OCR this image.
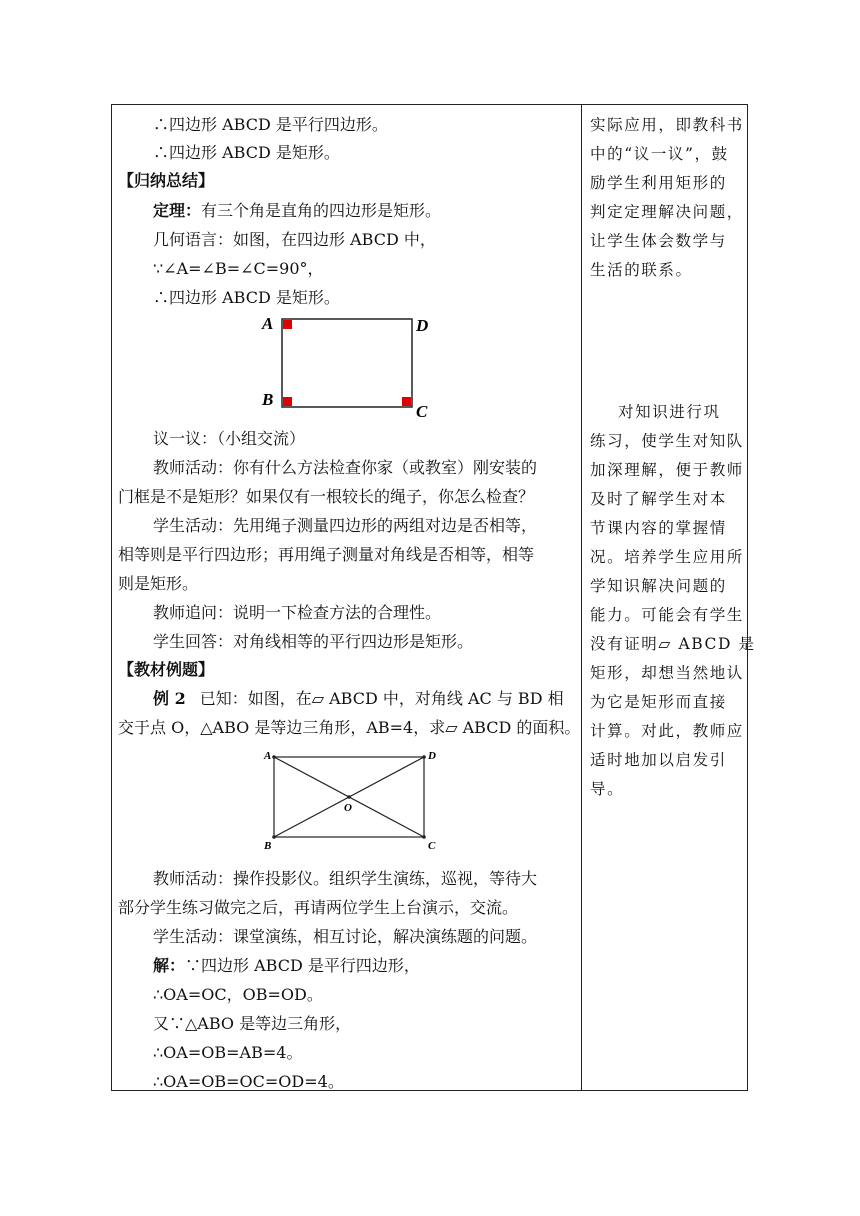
∴四边形 ABCD 是平行四边形。
∴四边形 ABCD 是矩形。
【归纳总结】
定理：有三个角是直角的四边形是矩形。
几何语言：如图，在四边形 ABCD 中，
∵∠A=∠B=∠C=90°，
∴四边形 ABCD 是矩形。
A	D
B
C
议一议：（小组交流）
教师活动：你有什么方法检查你家（或教室）刚安装的
门框是不是矩形？如果仅有一根较长的绳子，你怎么检查？
学生活动：先用绳子测量四边形的两组对边是否相等，
相等则是平行四边形；再用绳子测量对角线是否相等，相等
则是矩形。
教师追问：说明一下检查方法的合理性。
学生回答：对角线相等的平行四边形是矩形。
【教材例题】
例 2 已知：如图，在▱ ABCD 中，对角线 AC 与 BD 相
交于点 O，△ABO 是等边三角形，AB=4，求▱ ABCD 的面积。
A	D
B	C
O
教师活动：操作投影仪。组织学生演练，巡视，等待大
部分学生练习做完之后，再请两位学生上台演示，交流。
学生活动：课堂演练，相互讨论，解决演练题的问题。
解：∵四边形 ABCD 是平行四边形，
∴OA=OC，OB=OD。
又∵△ABO 是等边三角形，
∴OA=OB=AB=4。
∴OA=OB=OC=OD=4。
实际应用，即教科书
中的“议一议”，鼓
励学生利用矩形的
判定定理解决问题，
让学生体会数学与
生活的联系。
对知识进行巩
练习，使学生对知队
加深理解，便于教师
及时了解学生对本
节课内容的掌握情
况。培养学生应用所
学知识解决问题的
能力。可能会有学生
没有证明▱ ABCD 是
矩形，却想当然地认
为它是矩形而直接
计算。对此，教师应
适时地加以启发引
导。
